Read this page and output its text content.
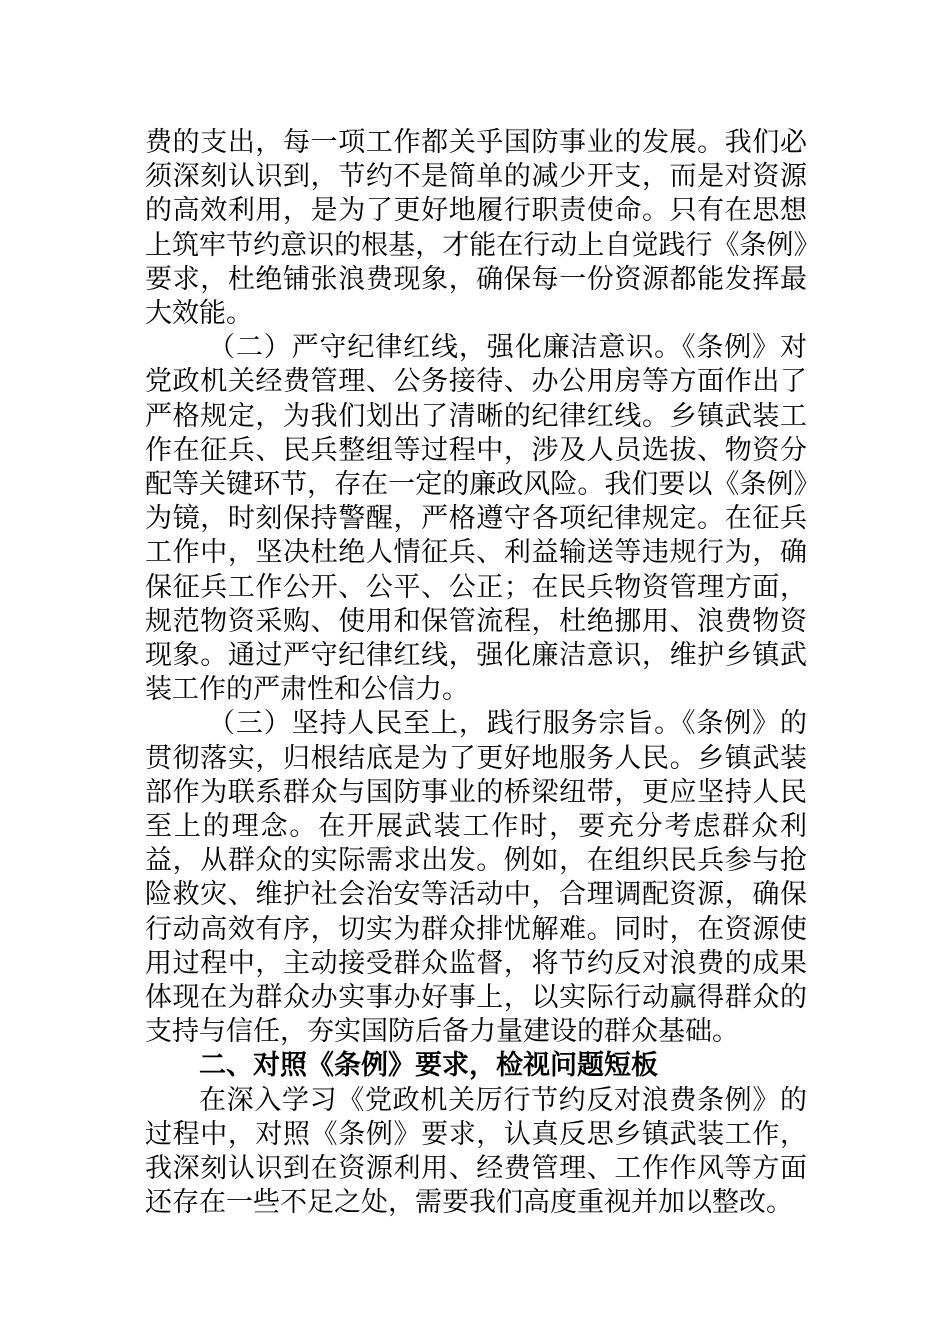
费的支出，每一项工作都关乎国防事业的发展。我们必须深刻认识到，节约不是简单的减少开支，而是对资源的高效利用，是为了更好地履行职责使命。只有在思想上筑牢节约意识的根基，才能在行动上自觉践行《条例》要求，杜绝铺张浪费现象，确保每一份资源都能发挥最大效能。

（二）严守纪律红线，强化廉洁意识。《条例》对党政机关经费管理、公务接待、办公用房等方面作出了严格规定，为我们划出了清晰的纪律红线。乡镇武装工作在征兵、民兵整组等过程中，涉及人员选拔、物资分配等关键环节，存在一定的廉政风险。我们要以《条例》为镜，时刻保持警醒，严格遵守各项纪律规定。在征兵工作中，坚决杜绝人情征兵、利益输送等违规行为，确保征兵工作公开、公平、公正；在民兵物资管理方面，规范物资采购、使用和保管流程，杜绝挪用、浪费物资现象。通过严守纪律红线，强化廉洁意识，维护乡镇武装工作的严肃性和公信力。

（三）坚持人民至上，践行服务宗旨。《条例》的贯彻落实，归根结底是为了更好地服务人民。乡镇武装部作为联系群众与国防事业的桥梁纽带，更应坚持人民至上的理念。在开展武装工作时，要充分考虑群众利益，从群众的实际需求出发。例如，在组织民兵参与抢险救灾、维护社会治安等活动中，合理调配资源，确保行动高效有序，切实为群众排忧解难。同时，在资源使用过程中，主动接受群众监督，将节约反对浪费的成果体现在为群众办实事办好事上，以实际行动赢得群众的支持与信任，夯实国防后备力量建设的群众基础。

二、对照《条例》要求，检视问题短板

在深入学习《党政机关厉行节约反对浪费条例》的过程中，对照《条例》要求，认真反思乡镇武装工作，我深刻认识到在资源利用、经费管理、工作作风等方面还存在一些不足之处，需要我们高度重视并加以整改。
